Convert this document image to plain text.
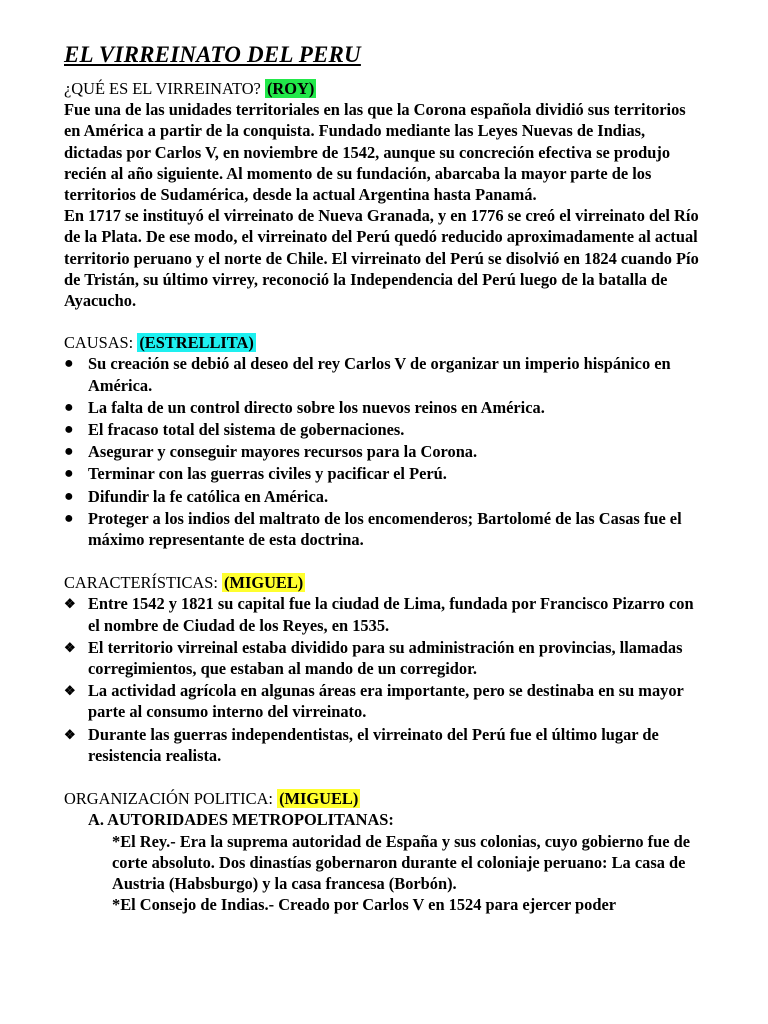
EL VIRREINATO DEL PERU
¿QUÉ ES EL VIRREINATO? (ROY)

Fue una de las unidades territoriales en las que la Corona española dividió sus territorios en América a partir de la conquista. Fundado mediante las Leyes Nuevas de Indias, dictadas por Carlos V, en noviembre de 1542, aunque su concreción efectiva se produjo recién al año siguiente. Al momento de su fundación, abarcaba la mayor parte de los territorios de Sudamérica, desde la actual Argentina hasta Panamá.

En 1717 se instituyó el virreinato de Nueva Granada, y en 1776 se creó el virreinato del Río de la Plata. De ese modo, el virreinato del Perú quedó reducido aproximadamente al actual territorio peruano y el norte de Chile. El virreinato del Perú se disolvió en 1824 cuando Pío de Tristán, su último virrey, reconoció la Independencia del Perú luego de la batalla de Ayacucho.

CAUSAS: (ESTRELLITA)
● Su creación se debió al deseo del rey Carlos V de organizar un imperio hispánico en América.
● La falta de un control directo sobre los nuevos reinos en América.
● El fracaso total del sistema de gobernaciones.
● Asegurar y conseguir mayores recursos para la Corona.
● Terminar con las guerras civiles y pacificar el Perú.
● Difundir la fe católica en América.
● Proteger a los indios del maltrato de los encomenderos; Bartolomé de las Casas fue el máximo representante de esta doctrina.
CARACTERÍSTICAS: (MIGUEL)
❖ Entre 1542 y 1821 su capital fue la ciudad de Lima, fundada por Francisco Pizarro con el nombre de Ciudad de los Reyes, en 1535.
❖ El territorio virreinal estaba dividido para su administración en provincias, llamadas corregimientos, que estaban al mando de un corregidor.
❖ La actividad agrícola en algunas áreas era importante, pero se destinaba en su mayor parte al consumo interno del virreinato.
❖ Durante las guerras independentistas, el virreinato del Perú fue el último lugar de resistencia realista.
ORGANIZACIÓN POLITICA: (MIGUEL)
A. AUTORIDADES METROPOLITANAS:
*El Rey.- Era la suprema autoridad de España y sus colonias, cuyo gobierno fue de corte absoluto. Dos dinastías gobernaron durante el coloniaje peruano: La casa de Austria (Habsburgo) y la casa francesa (Borbón).
*El Consejo de Indias.- Creado por Carlos V en 1524 para ejercer poder
